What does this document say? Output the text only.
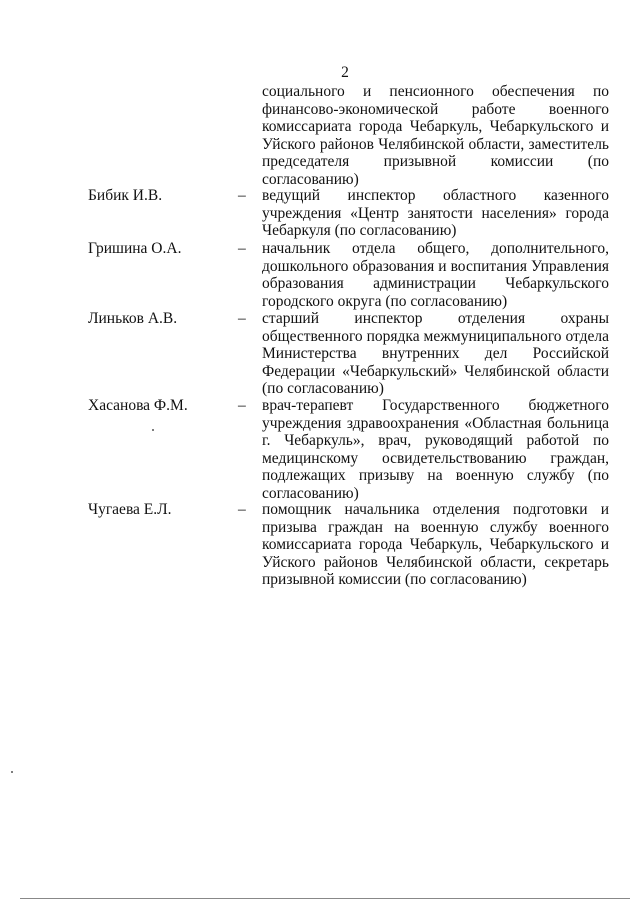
2
социального и пенсионного обеспечения по финансово-экономической работе военного комиссариата города Чебаркуль, Чебаркульского и Уйского районов Челябинской области, заместитель председателя призывной комиссии (по согласованию)
Бибик И.В.	–	ведущий инспектор областного казенного учреждения «Центр занятости населения» города Чебаркуля (по согласованию)
Гришина О.А.	–	начальник отдела общего, дополнительного, дошкольного образования и воспитания Управления образования администрации Чебаркульского городского округа (по согласованию)
Линьков А.В.	–	старший инспектор отделения охраны общественного порядка межмуниципального отдела Министерства внутренних дел Российской Федерации «Чебаркульский» Челябинской области (по согласованию)
Хасанова Ф.М.	–	врач-терапевт Государственного бюджетного учреждения здравоохранения «Областная больница г. Чебаркуль», врач, руководящий работой по медицинскому освидетельствованию граждан, подлежащих призыву на военную службу (по согласованию)
Чугаева Е.Л.	–	помощник начальника отделения подготовки и призыва граждан на военную службу военного комиссариата города Чебаркуль, Чебаркульского и Уйского районов Челябинской области, секретарь призывной комиссии (по согласованию)
